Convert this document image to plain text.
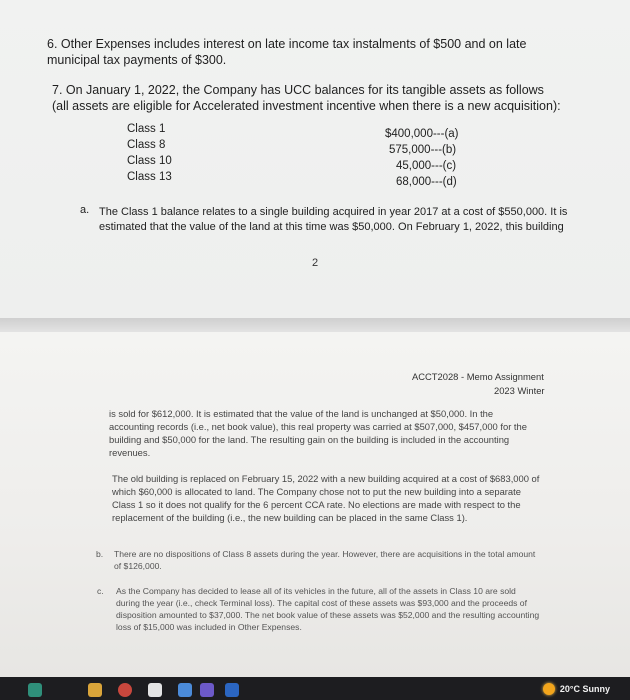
6. Other Expenses includes interest on late income tax instalments of $500 and on late municipal tax payments of $300.

7. On January 1, 2022, the Company has UCC balances for its tangible assets as follows (all assets are eligible for Accelerated investment incentive when there is a new acquisition):

Class 1	$400,000---(a)
Class 8	575,000---(b)
Class 10	45,000---(c)
Class 13	68,000---(d)
a. The Class 1 balance relates to a single building acquired in year 2017 at a cost of $550,000. It is estimated that the value of the land at this time was $50,000. On February 1, 2022, this building

2
ACCT2028 - Memo Assignment
2023 Winter

is sold for $612,000. It is estimated that the value of the land is unchanged at $50,000. In the accounting records (i.e., net book value), this real property was carried at $507,000, $457,000 for the building and $50,000 for the land. The resulting gain on the building is included in the accounting revenues.

The old building is replaced on February 15, 2022 with a new building acquired at a cost of $683,000 of which $60,000 is allocated to land. The Company chose not to put the new building into a separate Class 1 so it does not qualify for the 6 percent CCA rate. No elections are made with respect to the replacement of the building (i.e., the new building can be placed in the same Class 1).

b. There are no dispositions of Class 8 assets during the year. However, there are acquisitions in the total amount of $126,000.

c. As the Company has decided to lease all of its vehicles in the future, all of the assets in Class 10 are sold during the year (i.e., check Terminal loss). The capital cost of these assets was $93,000 and the proceeds of disposition amounted to $37,000. The net book value of these assets was $52,000 and the resulting accounting loss of $15,000 was included in Other Expenses.

20°C Sunny
